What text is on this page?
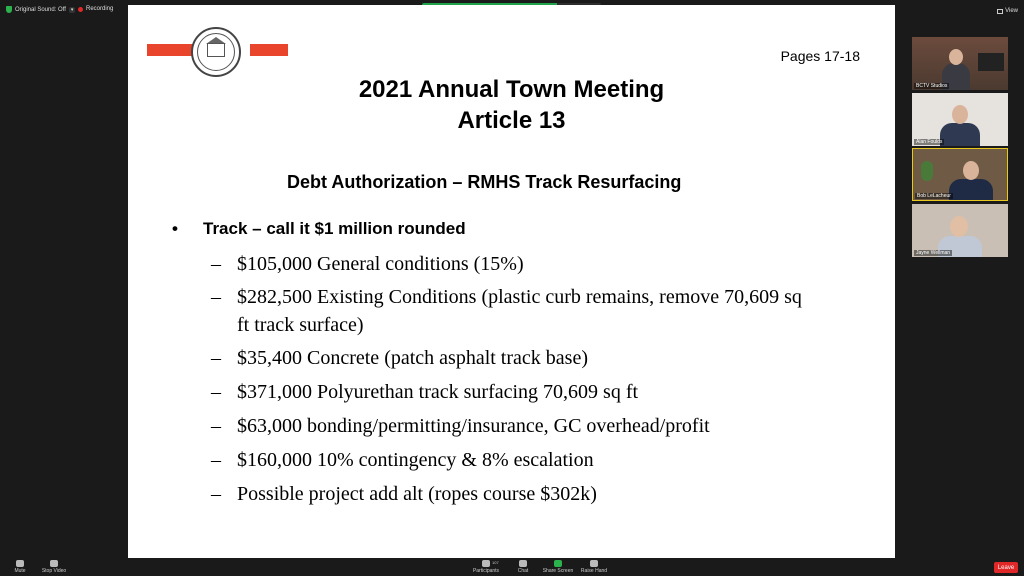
Original Sound: Off	▾	Recording	View
Pages 17-18
2021 Annual Town Meeting
Article 13
Debt Authorization – RMHS Track Resurfacing
•	Track – call it $1 million rounded
– $105,000 General conditions (15%)
– $282,500 Existing Conditions (plastic curb remains, remove 70,609 sq ft track surface)
– $35,400 Concrete (patch asphalt track base)
– $371,000 Polyurethan track surfacing 70,609 sq ft
– $63,000 bonding/permitting/insurance, GC overhead/profit
– $160,000 10% contingency & 8% escalation
– Possible project add alt (ropes course $302k)
BCTV Studios
Alan Foulds
Bob LeLacheur
Jayne Wellman
Mute	Stop Video	Participants
107
Chat	Share Screen	Raise Hand
Leave
